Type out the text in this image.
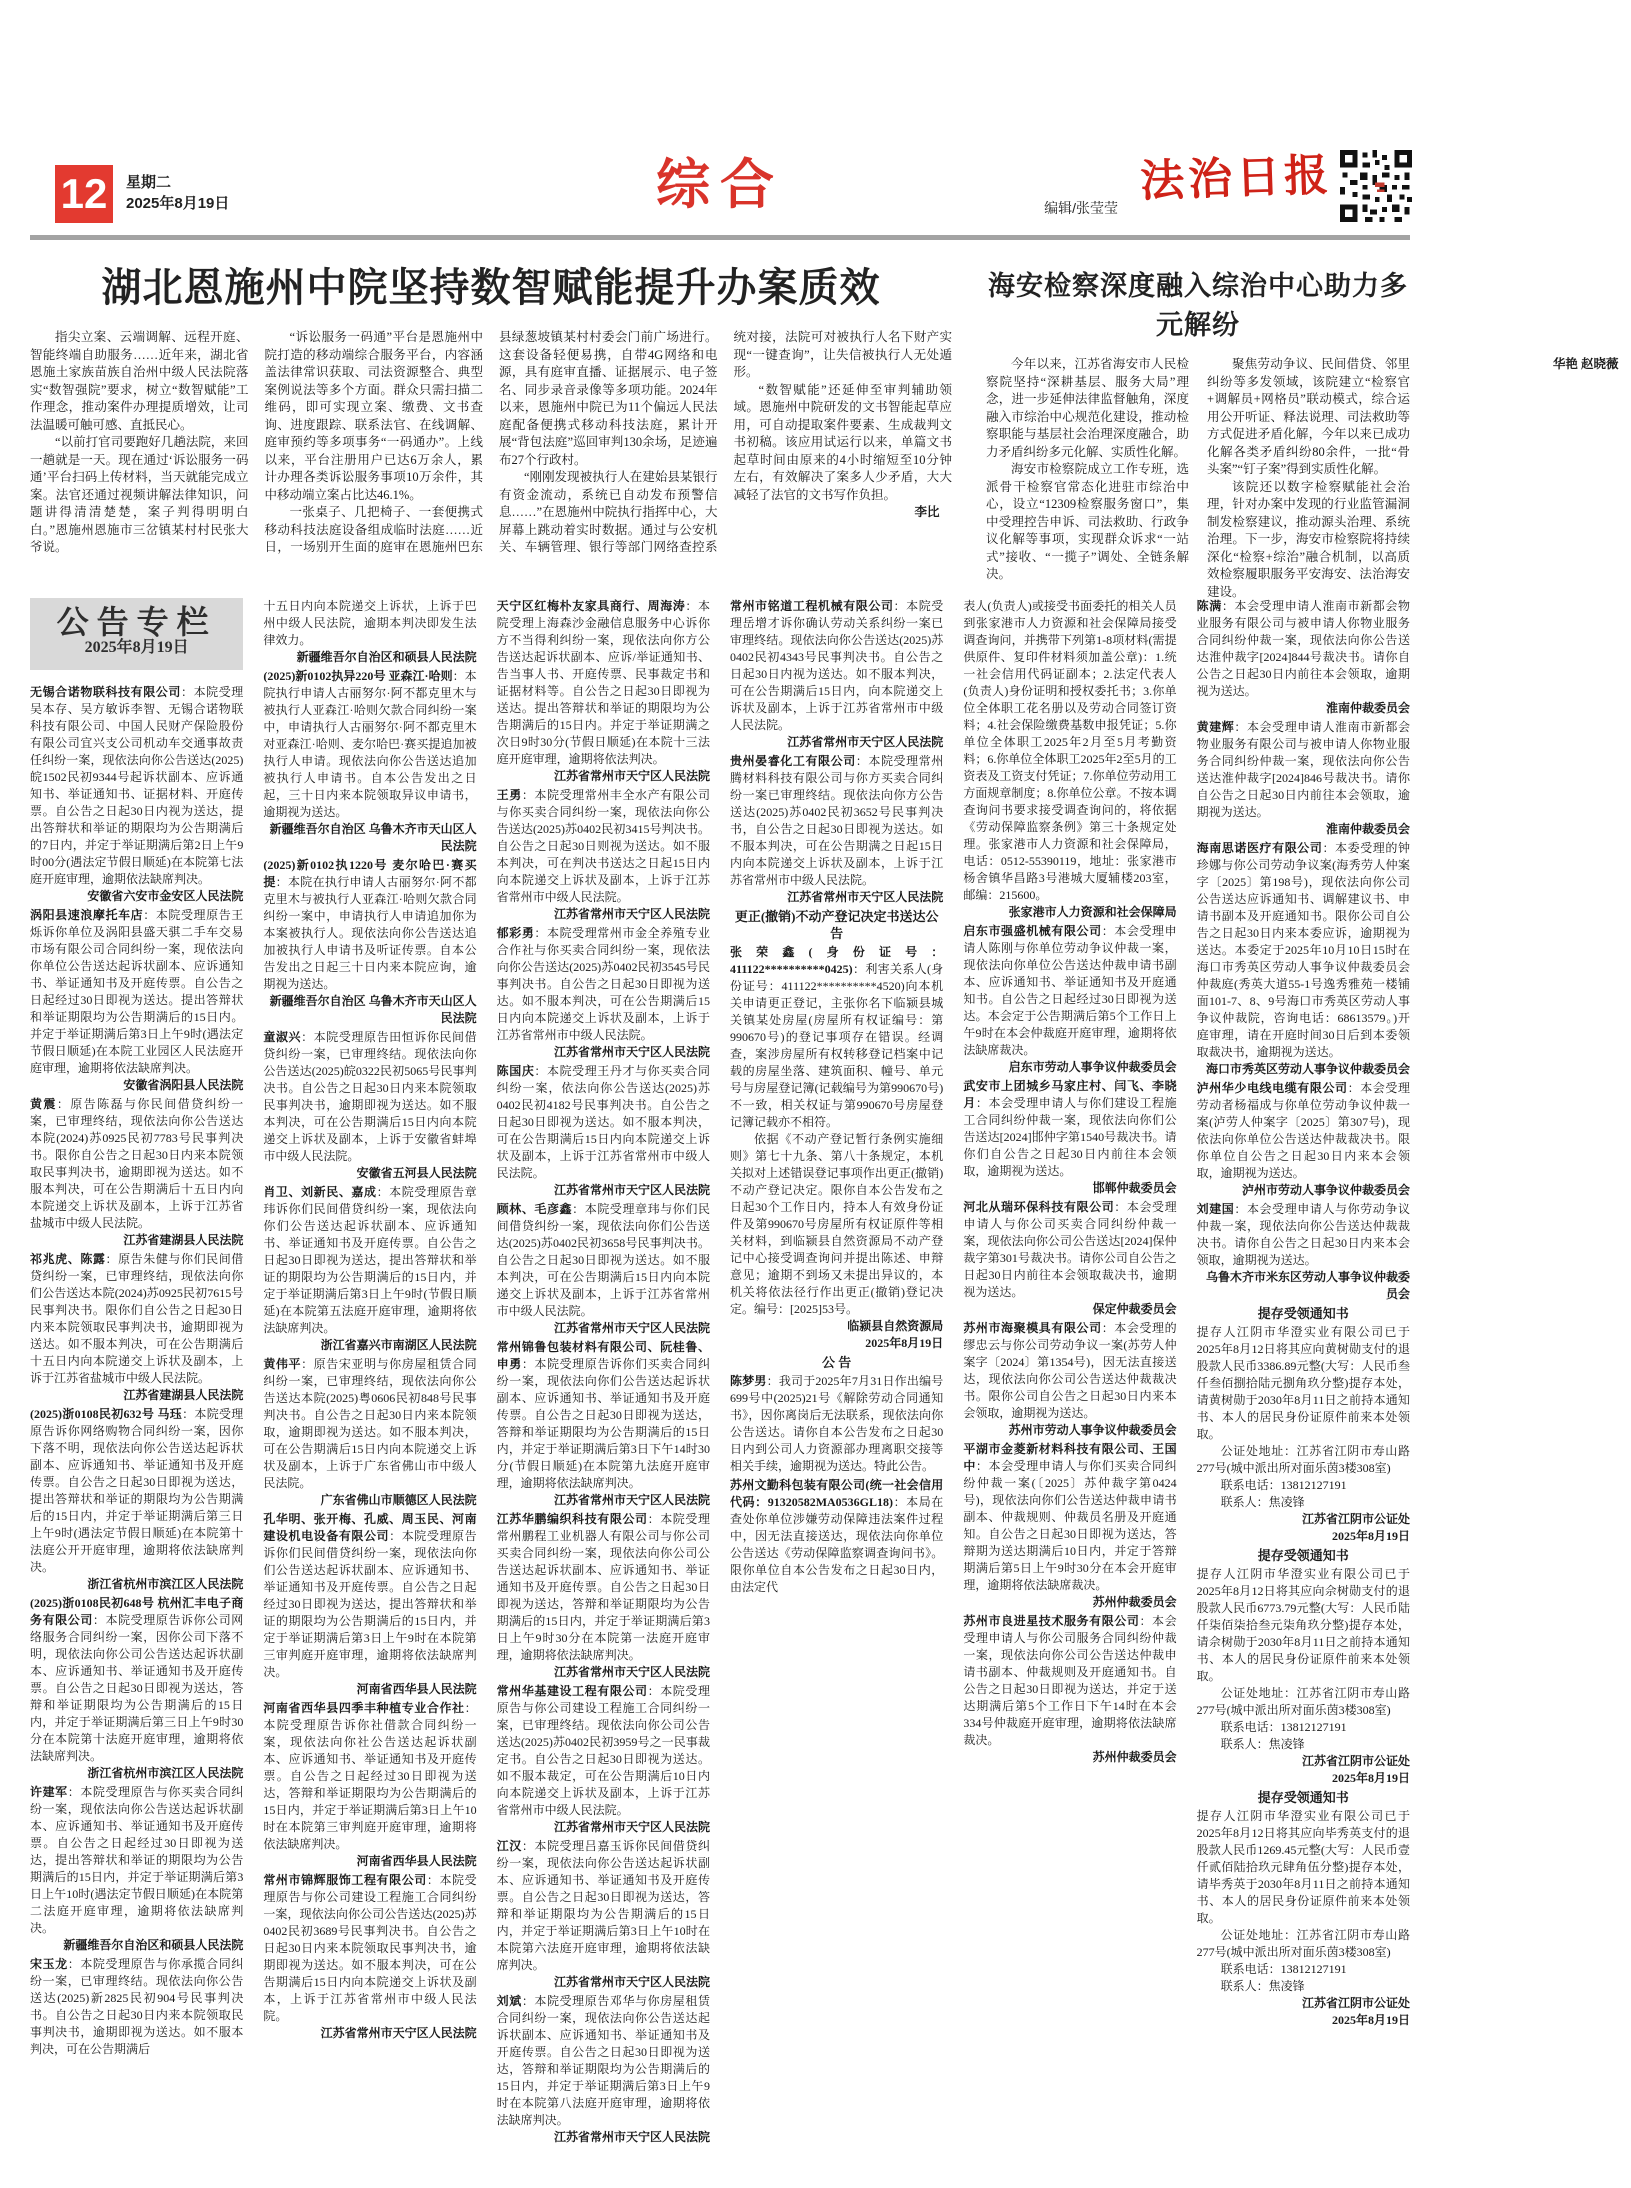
12	星期二
2025年8月19日	综合	编辑/张莹莹
法治日报
湖北恩施州中院坚持数智赋能提升办案质效

指尖立案、云端调解、远程开庭、智能终端自助服务……近年来，湖北省恩施土家族苗族自治州中级人民法院落实“数智强院”要求，树立“数智赋能”工作理念，推动案件办理提质增效，让司法温暖可触可感、直抵民心。

“以前打官司要跑好几趟法院，来回一趟就是一天。现在通过‘诉讼服务一码通’平台扫码上传材料，当天就能完成立案。法官还通过视频讲解法律知识，问题讲得清清楚楚，案子判得明明白白。”恩施州恩施市三岔镇某村村民张大爷说。

“诉讼服务一码通”平台是恩施州中院打造的移动端综合服务平台，内容涵盖法律常识获取、司法资源整合、典型案例说法等多个方面。群众只需扫描二维码，即可实现立案、缴费、文书查询、进度跟踪、联系法官、在线调解、庭审预约等多项事务“一码通办”。上线以来，平台注册用户已达6万余人，累计办理各类诉讼服务事项10万余件，其中移动端立案占比达46.1%。

一张桌子、几把椅子、一套便携式移动科技法庭设备组成临时法庭……近日，一场别开生面的庭审在恩施州巴东县绿葱坡镇某村村委会门前广场进行。这套设备轻便易携，自带4G网络和电源，具有庭审直播、证据展示、电子签名、同步录音录像等多项功能。2024年以来，恩施州中院已为11个偏远人民法庭配备便携式移动科技法庭，累计开展“背包法庭”巡回审判130余场，足迹遍布27个行政村。

“刚刚发现被执行人在建始县某银行有资金流动，系统已自动发布预警信息……”在恩施州中院执行指挥中心，大屏幕上跳动着实时数据。通过与公安机关、车辆管理、银行等部门网络查控系统对接，法院可对被执行人名下财产实现“一键查询”，让失信被执行人无处遁形。

“数智赋能”还延伸至审判辅助领域。恩施州中院研发的文书智能起草应用，可自动提取案件要素、生成裁判文书初稿。该应用试运行以来，单篇文书起草时间由原来的4小时缩短至10分钟左右，有效解决了案多人少矛盾，大大减轻了法官的文书写作负担。

李比

海安检察深度融入综治中心助力多元解纷

今年以来，江苏省海安市人民检察院坚持“深耕基层、服务大局”理念，进一步延伸法律监督触角，深度融入市综治中心规范化建设，推动检察职能与基层社会治理深度融合，助力矛盾纠纷多元化解、实质性化解。

海安市检察院成立工作专班，选派骨干检察官常态化进驻市综治中心，设立“12309检察服务窗口”，集中受理控告申诉、司法救助、行政争议化解等事项，实现群众诉求“一站式”接收、“一揽子”调处、全链条解决。

聚焦劳动争议、民间借贷、邻里纠纷等多发领域，该院建立“检察官+调解员+网格员”联动模式，综合运用公开听证、释法说理、司法救助等方式促进矛盾化解，今年以来已成功化解各类矛盾纠纷80余件，一批“骨头案”“钉子案”得到实质性化解。

该院还以数字检察赋能社会治理，针对办案中发现的行业监管漏洞制发检察建议，推动源头治理、系统治理。下一步，海安市检察院将持续深化“检察+综治”融合机制，以高质效检察履职服务平安海安、法治海安建设。

华艳 赵晓薇

公告专栏
2025年8月19日

无锡合诺物联科技有限公司：本院受理吴本存、吴方敏诉李智、无锡合诺物联科技有限公司、中国人民财产保险股份有限公司宜兴支公司机动车交通事故责任纠纷一案，现依法向你公告送达(2025)皖1502民初9344号起诉状副本、应诉通知书、举证通知书、证据材料、开庭传票。自公告之日起30日内视为送达，提出答辩状和举证的期限均为公告期满后的7日内，并定于举证期满后第2日上午9时00分(遇法定节假日顺延)在本院第七法庭开庭审理，逾期依法缺席判决。

安徽省六安市金安区人民法院

涡阳县速浪摩托车店：本院受理原告王烁诉你单位及涡阳县盛天骐二手车交易市场有限公司合同纠纷一案，现依法向你单位公告送达起诉状副本、应诉通知书、举证通知书及开庭传票。自公告之日起经过30日即视为送达。提出答辩状和举证期限均为公告期满后的15日内。并定于举证期满后第3日上午9时(遇法定节假日顺延)在本院工业园区人民法庭开庭审理，逾期将依法缺席判决。

安徽省涡阳县人民法院

黄震：原告陈磊与你民间借贷纠纷一案，已审理终结，现依法向你公告送达本院(2024)苏0925民初7783号民事判决书。限你自公告之日起30日内来本院领取民事判决书，逾期即视为送达。如不服本判决，可在公告期满后十五日内向本院递交上诉状及副本，上诉于江苏省盐城市中级人民法院。

江苏省建湖县人民法院

祁兆虎、陈露：原告朱健与你们民间借贷纠纷一案，已审理终结，现依法向你们公告送达本院(2024)苏0925民初7615号民事判决书。限你们自公告之日起30日内来本院领取民事判决书，逾期即视为送达。如不服本判决，可在公告期满后十五日内向本院递交上诉状及副本，上诉于江苏省盐城市中级人民法院。

江苏省建湖县人民法院

(2025)浙0108民初632号 马珏：本院受理原告诉你网络购物合同纠纷一案，因你下落不明，现依法向你公告送达起诉状副本、应诉通知书、举证通知书及开庭传票。自公告之日起30日即视为送达，提出答辩状和举证的期限均为公告期满后的15日内，并定于举证期满后第三日上午9时(遇法定节假日顺延)在本院第十法庭公开开庭审理，逾期将依法缺席判决。

浙江省杭州市滨江区人民法院

(2025)浙0108民初648号 杭州汇丰电子商务有限公司：本院受理原告诉你公司网络服务合同纠纷一案，因你公司下落不明，现依法向你公司公告送达起诉状副本、应诉通知书、举证通知书及开庭传票。自公告之日起30日即视为送达，答辩和举证期限均为公告期满后的15日内，并定于举证期满后第三日上午9时30分在本院第十法庭开庭审理，逾期将依法缺席判决。

浙江省杭州市滨江区人民法院

许建军：本院受理原告与你买卖合同纠纷一案，现依法向你公告送达起诉状副本、应诉通知书、举证通知书及开庭传票。自公告之日起经过30日即视为送达，提出答辩状和举证的期限均为公告期满后的15日内，并定于举证期满后第3日上午10时(遇法定节假日顺延)在本院第二法庭开庭审理，逾期将依法缺席判决。

新疆维吾尔自治区和硕县人民法院

宋玉龙：本院受理原告与你承揽合同纠纷一案，已审理终结。现依法向你公告送达(2025)新2825民初904号民事判决书。自公告之日起30日内来本院领取民事判决书，逾期即视为送达。如不服本判决，可在公告期满后

十五日内向本院递交上诉状，上诉于巴州中级人民法院，逾期本判决即发生法律效力。

新疆维吾尔自治区和硕县人民法院

(2025)新0102执异220号 亚森江·哈则：本院执行申请人古丽努尔·阿不都克里木与被执行人亚森江·哈则欠款合同纠纷一案中，申请执行人古丽努尔·阿不都克里木对亚森江·哈则、麦尔哈巴·赛买提追加被执行人申请。现依法向你公告送达追加被执行人申请书。自本公告发出之日起，三十日内来本院领取异议申请书，逾期视为送达。

新疆维吾尔自治区 乌鲁木齐市天山区人民法院

(2025)新0102执1220号 麦尔哈巴·赛买提：本院在执行申请人古丽努尔·阿不都克里木与被执行人亚森江·哈则欠款合同纠纷一案中，申请执行人申请追加你为本案被执行人。现依法向你公告送达追加被执行人申请书及听证传票。自本公告发出之日起三十日内来本院应询，逾期视为送达。

新疆维吾尔自治区 乌鲁木齐市天山区人民法院

童淑兴：本院受理原告田恒诉你民间借贷纠纷一案，已审理终结。现依法向你公告送达(2025)皖0322民初5065号民事判决书。自公告之日起30日内来本院领取民事判决书，逾期即视为送达。如不服本判决，可在公告期满后15日内向本院递交上诉状及副本，上诉于安徽省蚌埠市中级人民法院。

安徽省五河县人民法院

肖卫、刘新民、嘉成：本院受理原告章玮诉你们民间借贷纠纷一案，现依法向你们公告送达起诉状副本、应诉通知书、举证通知书及开庭传票。自公告之日起30日即视为送达，提出答辩状和举证的期限均为公告期满后的15日内，并定于举证期满后第3日上午9时(节假日顺延)在本院第五法庭开庭审理，逾期将依法缺席判决。

浙江省嘉兴市南湖区人民法院

黄伟平：原告宋亚明与你房屋租赁合同纠纷一案，已审理终结，现依法向你公告送达本院(2025)粤0606民初848号民事判决书。自公告之日起30日内来本院领取，逾期即视为送达。如不服本判决，可在公告期满后15日内向本院递交上诉状及副本，上诉于广东省佛山市中级人民法院。

广东省佛山市顺德区人民法院

孔华明、张开梅、孔威、周玉民、河南建设机电设备有限公司：本院受理原告诉你们民间借贷纠纷一案，现依法向你们公告送达起诉状副本、应诉通知书、举证通知书及开庭传票。自公告之日起经过30日即视为送达，提出答辩状和举证的期限均为公告期满后的15日内，并定于举证期满后第3日上午9时在本院第三审判庭开庭审理，逾期将依法缺席判决。

河南省西华县人民法院

河南省西华县四季丰种植专业合作社：本院受理原告诉你社借款合同纠纷一案，现依法向你社公告送达起诉状副本、应诉通知书、举证通知书及开庭传票。自公告之日起经过30日即视为送达，答辩和举证期限均为公告期满后的15日内，并定于举证期满后第3日上午10时在本院第三审判庭开庭审理，逾期将依法缺席判决。

河南省西华县人民法院

常州市锦辉服饰工程有限公司：本院受理原告与你公司建设工程施工合同纠纷一案，现依法向你公司公告送达(2025)苏0402民初3689号民事判决书。自公告之日起30日内来本院领取民事判决书，逾期即视为送达。如不服本判决，可在公告期满后15日内向本院递交上诉状及副本，上诉于江苏省常州市中级人民法院。

江苏省常州市天宁区人民法院

天宁区红梅朴友家具商行、周海涛：本院受理上海森沙金融信息服务中心诉你方不当得利纠纷一案，现依法向你方公告送达起诉状副本、应诉/举证通知书、告当事人书、开庭传票、民事裁定书和证据材料等。自公告之日起30日即视为送达。提出答辩状和举证的期限均为公告期满后的15日内。并定于举证期满之次日9时30分(节假日顺延)在本院十三法庭开庭审理，逾期将依法判决。

江苏省常州市天宁区人民法院

王勇：本院受理常州丰全水产有限公司与你买卖合同纠纷一案，现依法向你公告送达(2025)苏0402民初3415号判决书。自公告之日起30日则视为送达。如不服本判决，可在判决书送达之日起15日内向本院递交上诉状及副本，上诉于江苏省常州市中级人民法院。

江苏省常州市天宁区人民法院

郁彩勇：本院受理常州市金全养殖专业合作社与你买卖合同纠纷一案，现依法向你公告送达(2025)苏0402民初3545号民事判决书。自公告之日起30日即视为送达。如不服本判决，可在公告期满后15日内向本院递交上诉状及副本，上诉于江苏省常州市中级人民法院。

江苏省常州市天宁区人民法院

陈国庆：本院受理王丹才与你买卖合同纠纷一案，依法向你公告送达(2025)苏0402民初4182号民事判决书。自公告之日起30日即视为送达。如不服本判决，可在公告期满后15日内向本院递交上诉状及副本，上诉于江苏省常州市中级人民法院。

江苏省常州市天宁区人民法院

顾林、毛彦鑫：本院受理章玮与你们民间借贷纠纷一案，现依法向你们公告送达(2025)苏0402民初3658号民事判决书。自公告之日起30日即视为送达。如不服本判决，可在公告期满后15日内向本院递交上诉状及副本，上诉于江苏省常州市中级人民法院。

江苏省常州市天宁区人民法院

常州锦鲁包装材料有限公司、阮桂鲁、申勇：本院受理原告诉你们买卖合同纠纷一案，现依法向你们公告送达起诉状副本、应诉通知书、举证通知书及开庭传票。自公告之日起30日即视为送达，答辩和举证期限均为公告期满后的15日内，并定于举证期满后第3日下午14时30分(节假日顺延)在本院第九法庭开庭审理，逾期将依法缺席判决。

江苏省常州市天宁区人民法院

江苏华鹏编织科技有限公司：本院受理常州鹏程工业机器人有限公司与你公司买卖合同纠纷一案，现依法向你公司公告送达起诉状副本、应诉通知书、举证通知书及开庭传票。自公告之日起30日即视为送达，答辩和举证期限均为公告期满后的15日内，并定于举证期满后第3日上午9时30分在本院第一法庭开庭审理，逾期将依法缺席判决。

江苏省常州市天宁区人民法院

常州华基建设工程有限公司：本院受理原告与你公司建设工程施工合同纠纷一案，已审理终结。现依法向你公司公告送达(2025)苏0402民初3959号之一民事裁定书。自公告之日起30日即视为送达。如不服本裁定，可在公告期满后10日内向本院递交上诉状及副本，上诉于江苏省常州市中级人民法院。

江苏省常州市天宁区人民法院

江汉：本院受理吕嘉玉诉你民间借贷纠纷一案，现依法向你公告送达起诉状副本、应诉通知书、举证通知书及开庭传票。自公告之日起30日即视为送达，答辩和举证期限均为公告期满后的15日内，并定于举证期满后第3日上午10时在本院第六法庭开庭审理，逾期将依法缺席判决。

江苏省常州市天宁区人民法院

刘斌：本院受理原告邓华与你房屋租赁合同纠纷一案，现依法向你公告送达起诉状副本、应诉通知书、举证通知书及开庭传票。自公告之日起30日即视为送达，答辩和举证期限均为公告期满后的15日内，并定于举证期满后第3日上午9时在本院第八法庭开庭审理，逾期将依法缺席判决。

江苏省常州市天宁区人民法院

常州市铭道工程机械有限公司：本院受理岳增才诉你确认劳动关系纠纷一案已审理终结。现依法向你公告送达(2025)苏0402民初4343号民事判决书。自公告之日起30日内视为送达。如不服本判决，可在公告期满后15日内，向本院递交上诉状及副本，上诉于江苏省常州市中级人民法院。

江苏省常州市天宁区人民法院

贵州晏睿化工有限公司：本院受理常州腾材料科技有限公司与你方买卖合同纠纷一案已审理终结。现依法向你方公告送达(2025)苏0402民初3652号民事判决书，自公告之日起30日即视为送达。如不服本判决，可在公告期满之日起15日内向本院递交上诉状及副本，上诉于江苏省常州市中级人民法院。

江苏省常州市天宁区人民法院
更正(撤销)不动产登记决定书送达公告

张荣鑫(身份证号：411122**********0425)：利害关系人(身份证号：411122**********4520)向本机关申请更正登记，主张你名下临颍县城关镇某处房屋(房屋所有权证编号：第990670号)的登记事项存在错误。经调查，案涉房屋所有权转移登记档案中记载的房屋坐落、建筑面积、幢号、单元号与房屋登记簿(记载编号为第990670号)不一致，相关权证与第990670号房屋登记簿记载亦不相符。

依据《不动产登记暂行条例实施细则》第七十九条、第八十条规定，本机关拟对上述错误登记事项作出更正(撤销)不动产登记决定。限你自本公告发布之日起30个工作日内，持本人有效身份证件及第990670号房屋所有权证原件等相关材料，到临颍县自然资源局不动产登记中心接受调查询问并提出陈述、申辩意见；逾期不到场又未提出异议的，本机关将依法径行作出更正(撤销)登记决定。编号：[2025]53号。

临颍县自然资源局
2025年8月19日
公 告

陈梦男：我司于2025年7月31日作出编号699号中(2025)21号《解除劳动合同通知书》，因你离岗后无法联系，现依法向你公告送达。请你自本公告发布之日起30日内到公司人力资源部办理离职交接等相关手续，逾期视为送达。特此公告。

苏州文勤科包装有限公司(统一社会信用代码：91320582MA0536GL18)：本局在查处你单位涉嫌劳动保障违法案件过程中，因无法直接送达，现依法向你单位公告送达《劳动保障监察调查询问书》。限你单位自本公告发布之日起30日内，由法定代

表人(负责人)或接受书面委托的相关人员到张家港市人力资源和社会保障局接受调查询问，并携带下列第1-8项材料(需提供原件、复印件材料须加盖公章)：1.统一社会信用代码证副本；2.法定代表人(负责人)身份证明和授权委托书；3.你单位全体职工花名册以及劳动合同签订资料；4.社会保险缴费基数申报凭证；5.你单位全体职工2025年2月至5月考勤资料；6.你单位全体职工2025年2至5月的工资表及工资支付凭证；7.你单位劳动用工方面规章制度；8.你单位公章。不按本调查询问书要求接受调查询问的，将依据《劳动保障监察条例》第三十条规定处理。张家港市人力资源和社会保障局，电话：0512-55390119，地址：张家港市杨舍镇华昌路3号港城大厦辅楼203室，邮编：215600。

张家港市人力资源和社会保障局

启东市强盛机械有限公司：本会受理申请人陈刚与你单位劳动争议仲裁一案，现依法向你单位公告送达仲裁申请书副本、应诉通知书、举证通知书及开庭通知书。自公告之日起经过30日即视为送达。本会定于公告期满后第5个工作日上午9时在本会仲裁庭开庭审理，逾期将依法缺席裁决。

启东市劳动人事争议仲裁委员会

武安市上团城乡马家庄村、闫飞、李晓月：本会受理申请人与你们建设工程施工合同纠纷仲裁一案，现依法向你们公告送达[2024]邯仲字第1540号裁决书。请你们自公告之日起30日内前往本会领取，逾期视为送达。

邯郸仲裁委员会

河北从瑞环保科技有限公司：本会受理申请人与你公司买卖合同纠纷仲裁一案，现依法向你公司公告送达[2024]保仲裁字第301号裁决书。请你公司自公告之日起30日内前往本会领取裁决书，逾期视为送达。

保定仲裁委员会

苏州市海聚模具有限公司：本会受理的缪忠云与你公司劳动争议一案(苏劳人仲案字〔2024〕第1354号)，因无法直接送达，现依法向你公司公告送达仲裁裁决书。限你公司自公告之日起30日内来本会领取，逾期视为送达。

苏州市劳动人事争议仲裁委员会

平湖市金菱新材料科技有限公司、王国中：本会受理申请人与你们买卖合同纠纷仲裁一案(〔2025〕苏仲裁字第0424号)，现依法向你们公告送达仲裁申请书副本、仲裁规则、仲裁员名册及开庭通知。自公告之日起30日即视为送达，答辩期为送达期满后10日内，并定于答辩期满后第5日上午9时30分在本会开庭审理，逾期将依法缺席裁决。

苏州仲裁委员会

苏州市良进星技术服务有限公司：本会受理申请人与你公司服务合同纠纷仲裁一案，现依法向你公司公告送达仲裁申请书副本、仲裁规则及开庭通知书。自公告之日起30日即视为送达，并定于送达期满后第5个工作日下午14时在本会334号仲裁庭开庭审理，逾期将依法缺席裁决。

苏州仲裁委员会

陈满：本会受理申请人淮南市新都会物业服务有限公司与被申请人你物业服务合同纠纷仲裁一案，现依法向你公告送达淮仲裁字[2024]844号裁决书。请你自公告之日起30日内前往本会领取，逾期视为送达。

淮南仲裁委员会

黄建辉：本会受理申请人淮南市新都会物业服务有限公司与被申请人你物业服务合同纠纷仲裁一案，现依法向你公告送达淮仲裁字[2024]846号裁决书。请你自公告之日起30日内前往本会领取，逾期视为送达。

淮南仲裁委员会

海南思诺医疗有限公司：本委受理的钟珍娜与你公司劳动争议案(海秀劳人仲案字〔2025〕第198号)，现依法向你公司公告送达应诉通知书、调解建议书、申请书副本及开庭通知书。限你公司自公告之日起30日内来本委应诉，逾期视为送达。本委定于2025年10月10日15时在海口市秀英区劳动人事争议仲裁委员会仲裁庭(秀英大道55-1号逸秀雅苑一楼铺面101-7、8、9号海口市秀英区劳动人事争议仲裁院，咨询电话：68613579。)开庭审理，请在开庭时间30日后到本委领取裁决书，逾期视为送达。

海口市秀英区劳动人事争议仲裁委员会

泸州华少电线电缆有限公司：本会受理劳动者杨福成与你单位劳动争议仲裁一案(泸劳人仲案字〔2025〕第307号)，现依法向你单位公告送达仲裁裁决书。限你单位自公告之日起30日内来本会领取，逾期视为送达。

泸州市劳动人事争议仲裁委员会

刘建国：本会受理申请人与你劳动争议仲裁一案，现依法向你公告送达仲裁裁决书。请你自公告之日起30日内来本会领取，逾期视为送达。

乌鲁木齐市米东区劳动人事争议仲裁委员会
提存受领通知书

提存人江阴市华澄实业有限公司已于2025年8月12日将其应向黄树勋支付的退股款人民币3386.89元整(大写：人民币叁仟叁佰捌拾陆元捌角玖分整)提存本处，请黄树勋于2030年8月11日之前持本通知书、本人的居民身份证原件前来本处领取。

公证处地址：江苏省江阴市寿山路277号(城中派出所对面乐茵3楼308室)

联系电话：13812127191

联系人：焦凌锋

江苏省江阴市公证处
2025年8月19日
提存受领通知书

提存人江阴市华澄实业有限公司已于2025年8月12日将其应向佘树勋支付的退股款人民币6773.79元整(大写：人民币陆仟柒佰柒拾叁元柒角玖分整)提存本处，请佘树勋于2030年8月11日之前持本通知书、本人的居民身份证原件前来本处领取。

公证处地址：江苏省江阴市寿山路277号(城中派出所对面乐茵3楼308室)

联系电话：13812127191

联系人：焦凌锋

江苏省江阴市公证处
2025年8月19日
提存受领通知书

提存人江阴市华澄实业有限公司已于2025年8月12日将其应向毕秀英支付的退股款人民币1269.45元整(大写：人民币壹仟贰佰陆拾玖元肆角伍分整)提存本处，请毕秀英于2030年8月11日之前持本通知书、本人的居民身份证原件前来本处领取。

公证处地址：江苏省江阴市寿山路277号(城中派出所对面乐茵3楼308室)

联系电话：13812127191

联系人：焦凌锋

江苏省江阴市公证处
2025年8月19日
